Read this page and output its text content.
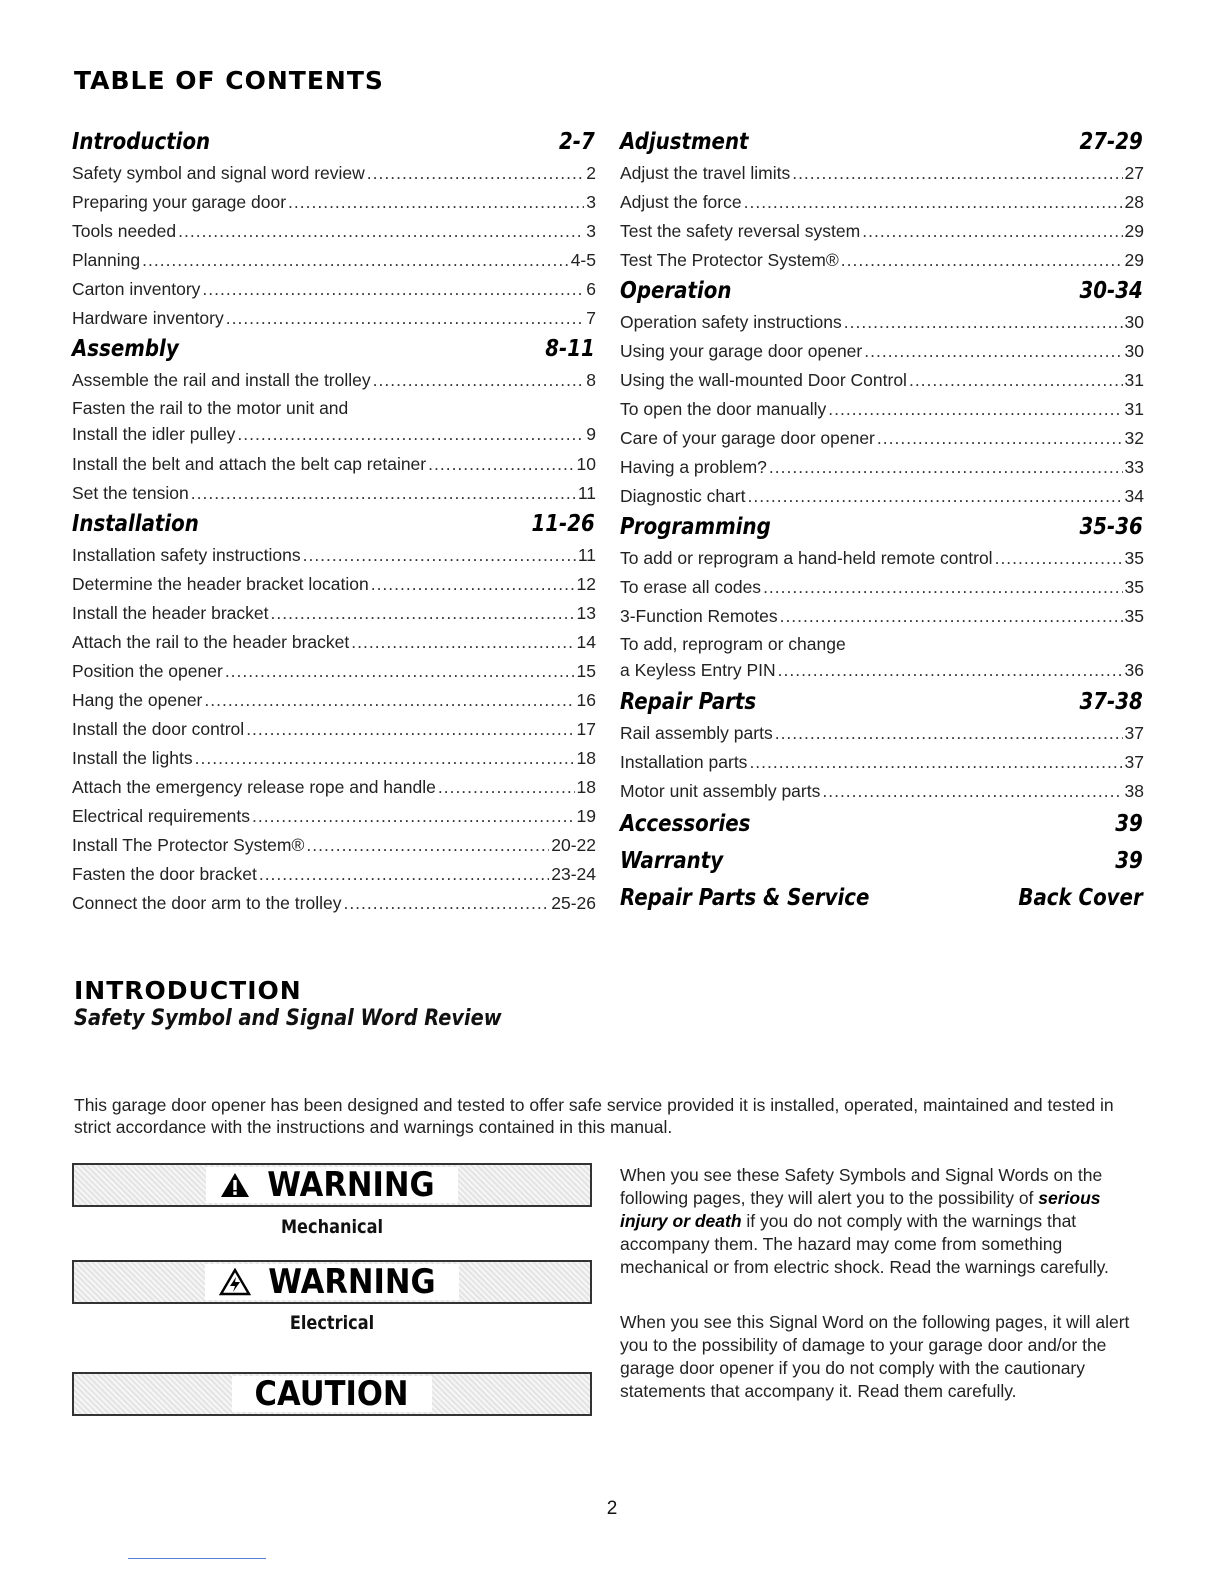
TABLE OF CONTENTS
Introduction	2-7
Safety symbol and signal word review .....	2
Preparing your garage door .....	3
Tools needed .....	3
Planning .....	4-5
Carton inventory .....	6
Hardware inventory .....	7
Assembly	8-11
Assemble the rail and install the trolley .....	8
Fasten the rail to the motor unit and
Install the idler pulley .....	9
Install the belt and attach the belt cap retainer .....	10
Set the tension .....	11
Installation	11-26
Installation safety instructions .....	11
Determine the header bracket location .....	12
Install the header bracket .....	13
Attach the rail to the header bracket .....	14
Position the opener .....	15
Hang the opener .....	16
Install the door control .....	17
Install the lights .....	18
Attach the emergency release rope and handle .....	18
Electrical requirements .....	19
Install The Protector System® .....	20-22
Fasten the door bracket .....	23-24
Connect the door arm to the trolley .....	25-26
Adjustment	27-29
Adjust the travel limits .....	27
Adjust the force .....	28
Test the safety reversal system .....	29
Test The Protector System® .....	29
Operation	30-34
Operation safety instructions .....	30
Using your garage door opener .....	30
Using the wall-mounted Door Control .....	31
To open the door manually .....	31
Care of your garage door opener .....	32
Having a problem? .....	33
Diagnostic chart .....	34
Programming	35-36
To add or reprogram a hand-held remote control .....	35
To erase all codes .....	35
3-Function Remotes .....	35
To add, reprogram or change
a Keyless Entry PIN .....	36
Repair Parts	37-38
Rail assembly parts .....	37
Installation parts .....	37
Motor unit assembly parts .....	38
Accessories	39
Warranty	39
Repair Parts & Service	Back Cover
INTRODUCTION
Safety Symbol and Signal Word Review

This garage door opener has been designed and tested to offer safe service provided it is installed, operated, maintained and tested in strict accordance with the instructions and warnings contained in this manual.

WARNING

Mechanical

WARNING

Electrical

CAUTION

When you see these Safety Symbols and Signal Words on the following pages, they will alert you to the possibility of serious injury or death if you do not comply with the warnings that accompany them. The hazard may come from something mechanical or from electric shock. Read the warnings carefully.

When you see this Signal Word on the following pages, it will alert you to the possibility of damage to your garage door and/or the garage door opener if you do not comply with the cautionary statements that accompany it. Read them carefully.

2
